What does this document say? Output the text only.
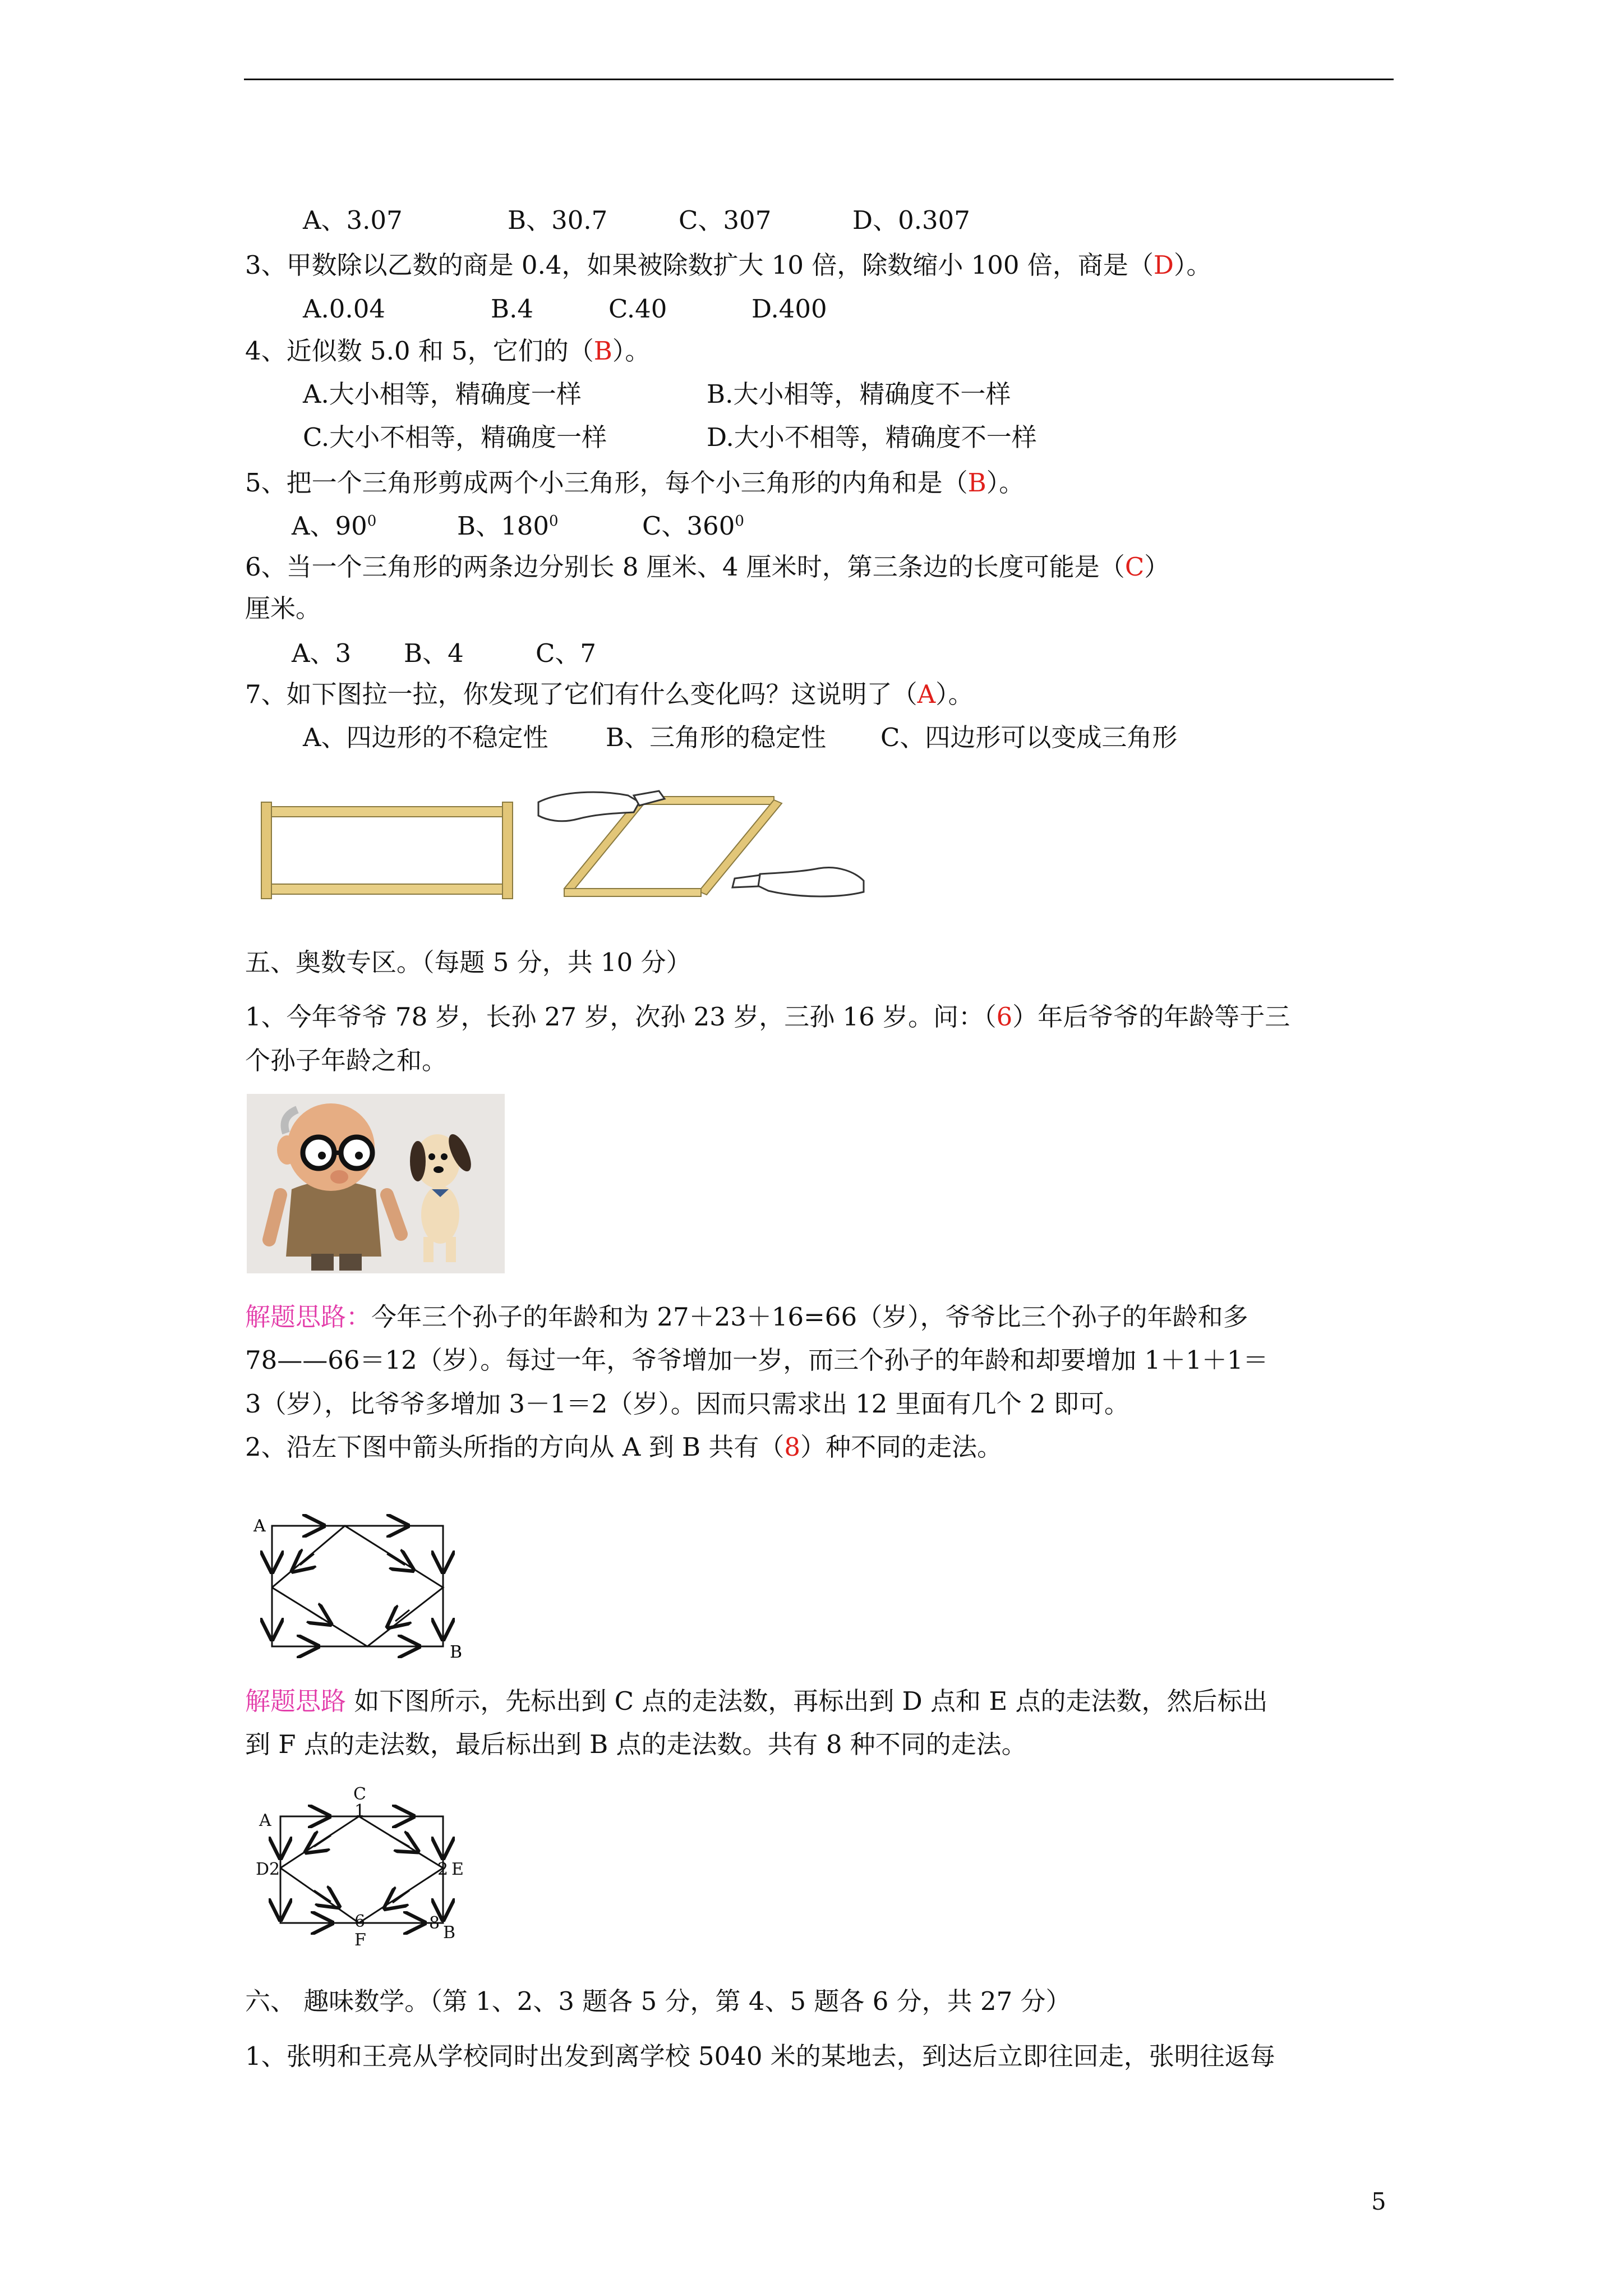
A、3.07	B、30.7	C、307	D、0.307
3、甲数除以乙数的商是 0.4，如果被除数扩大 10 倍，除数缩小 100 倍，商是（D）。
A.0.04	B.4	C.40	D.400
4、近似数 5.0 和 5，它们的（B）。
A.大小相等，精确度一样	B.大小相等，精确度不一样
C.大小不相等，精确度一样	D.大小不相等，精确度不一样
5、把一个三角形剪成两个小三角形，每个小三角形的内角和是（B）。
A、$90^0$	B、$180^0$	C、$360^0$
6、当一个三角形的两条边分别长 8 厘米、4 厘米时，第三条边的长度可能是（C）
厘米。
A、3 B、4	C、7
7、如下图拉一拉，你发现了它们有什么变化吗？这说明了（A）。
A、四边形的不稳定性 B、三角形的稳定性 C、四边形可以变成三角形
五、奥数专区。（每题 5 分，共 10 分）
1、今年爷爷 78 岁，长孙 27 岁，次孙 23 岁，三孙 16 岁。问：（6）年后爷爷的年龄等于三
个孙子年龄之和。
解题思路：今年三个孙子的年龄和为 27＋23＋16=66（岁），爷爷比三个孙子的年龄和多
78——66＝12（岁）。每过一年，爷爷增加一岁，而三个孙子的年龄和却要增加 1＋1＋1＝
3（岁），比爷爷多增加 3－1＝2（岁）。因而只需求出 12 里面有几个 2 即可。
2、沿左下图中箭头所指的方向从 A 到 B 共有（8）种不同的走法。
A
B
解题思路 如下图所示，先标出到 C 点的走法数，再标出到 D 点和 E 点的走法数，然后标出
到 F 点的走法数，最后标出到 B 点的走法数。共有 8 种不同的走法。
C
1
A
D 2	2 E
6
F
8 B
六、 趣味数学。（第 1、2、3 题各 5 分，第 4、5 题各 6 分，共 27 分）
1、张明和王亮从学校同时出发到离学校 5040 米的某地去，到达后立即往回走，张明往返每
5
